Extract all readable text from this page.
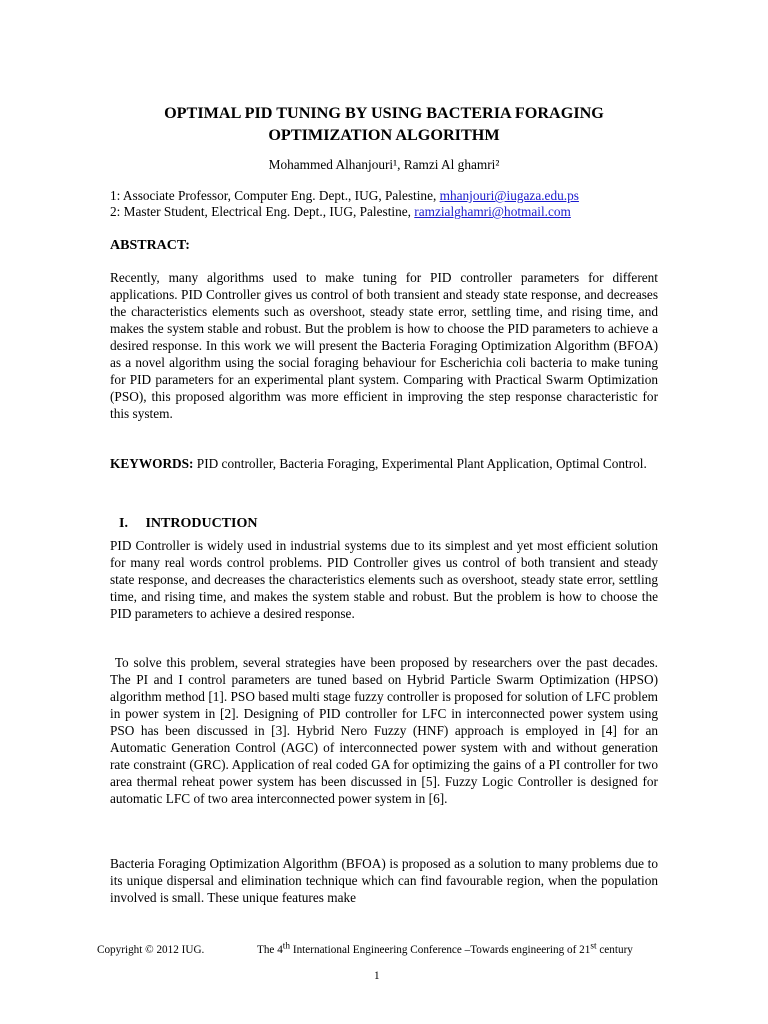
OPTIMAL PID TUNING BY USING BACTERIA FORAGING OPTIMIZATION ALGORITHM
Mohammed Alhanjouri¹, Ramzi Al ghamri²
1: Associate Professor, Computer Eng. Dept., IUG, Palestine, mhanjouri@iugaza.edu.ps
2: Master Student, Electrical Eng. Dept., IUG, Palestine, ramzialghamri@hotmail.com
ABSTRACT:

Recently, many algorithms used to make tuning for PID controller parameters for different applications. PID Controller gives us control of both transient and steady state response, and decreases the characteristics elements such as overshoot, steady state error, settling time, and rising time, and makes the system stable and robust. But the problem is how to choose the PID parameters to achieve a desired response. In this work we will present the Bacteria Foraging Optimization Algorithm (BFOA) as a novel algorithm using the social foraging behaviour for Escherichia coli bacteria to make tuning for PID parameters for an experimental plant system. Comparing with Practical Swarm Optimization (PSO), this proposed algorithm was more efficient in improving the step response characteristic for this system.

KEYWORDS: PID controller, Bacteria Foraging, Experimental Plant Application, Optimal Control.

I.     INTRODUCTION

PID Controller is widely used in industrial systems due to its simplest and yet most efficient solution for many real words control problems. PID Controller gives us control of both transient and steady state response, and decreases the characteristics elements such as overshoot, steady state error, settling time, and rising time, and makes the system stable and robust. But the problem is how to choose the PID parameters to achieve a desired response.

To solve this problem, several strategies have been proposed by researchers over the past decades. The PI and I control parameters are tuned based on Hybrid Particle Swarm Optimization (HPSO) algorithm method [1]. PSO based multi stage fuzzy controller is proposed for solution of LFC problem in power system in [2]. Designing of PID controller for LFC in interconnected power system using PSO has been discussed in [3]. Hybrid Nero Fuzzy (HNF) approach is employed in [4] for an Automatic Generation Control (AGC) of interconnected power system with and without generation rate constraint (GRC). Application of real coded GA for optimizing the gains of a PI controller for two area thermal reheat power system has been discussed in [5]. Fuzzy Logic Controller is designed for automatic LFC of two area interconnected power system in [6].

Bacteria Foraging Optimization Algorithm (BFOA) is proposed as a solution to many problems due to its unique dispersal and elimination technique which can find favourable region, when the population involved is small. These unique features make

Copyright © 2012 IUG.	The 4th International Engineering Conference –Towards engineering of 21st century
1
